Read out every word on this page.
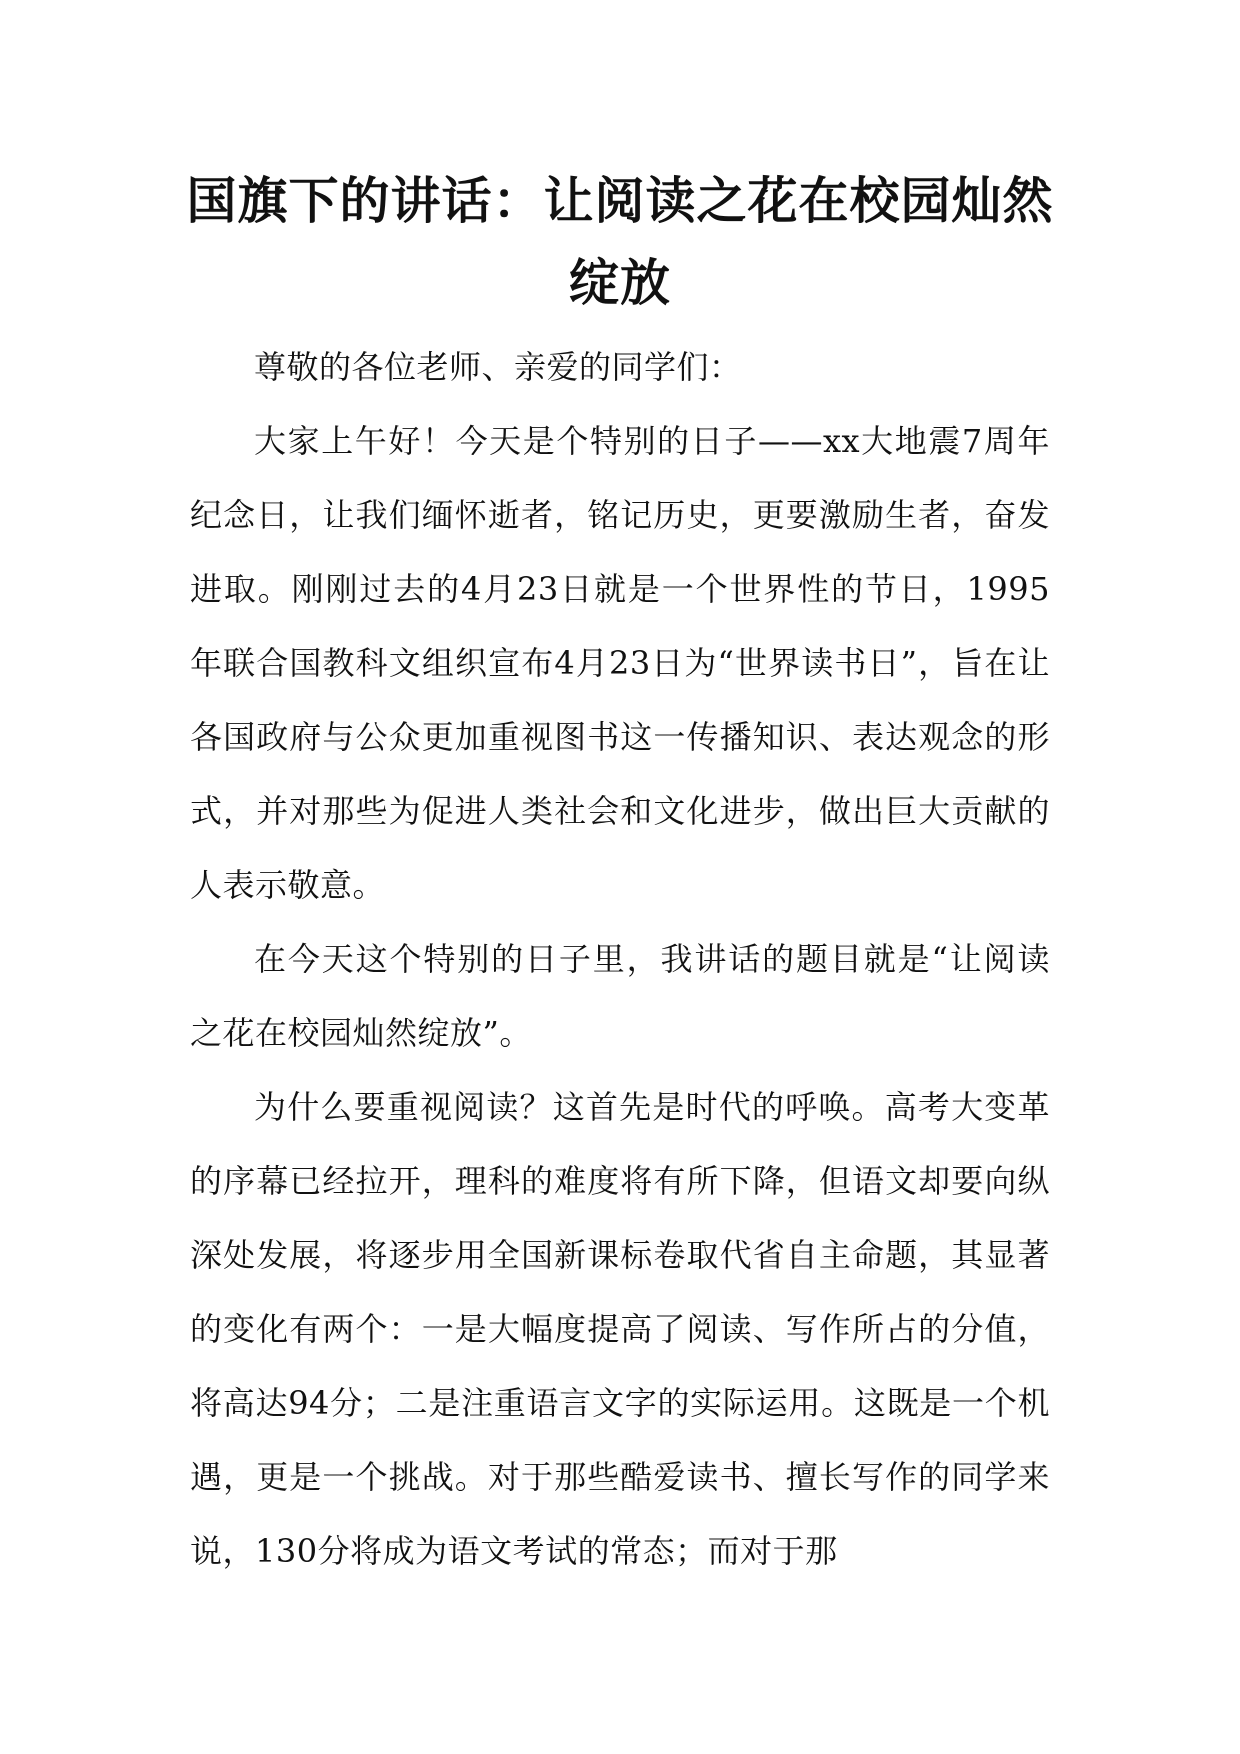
国旗下的讲话：让阅读之花在校园灿然绽放

尊敬的各位老师、亲爱的同学们：

大家上午好！今天是个特别的日子——xx大地震7周年纪念日，让我们缅怀逝者，铭记历史，更要激励生者，奋发进取。刚刚过去的4月23日就是一个世界性的节日，1995年联合国教科文组织宣布4月23日为“世界读书日”，旨在让各国政府与公众更加重视图书这一传播知识、表达观念的形式，并对那些为促进人类社会和文化进步，做出巨大贡献的人表示敬意。

在今天这个特别的日子里，我讲话的题目就是“让阅读之花在校园灿然绽放”。

为什么要重视阅读？这首先是时代的呼唤。高考大变革的序幕已经拉开，理科的难度将有所下降，但语文却要向纵深处发展，将逐步用全国新课标卷取代省自主命题，其显著的变化有两个：一是大幅度提高了阅读、写作所占的分值，将高达94分；二是注重语言文字的实际运用。这既是一个机遇，更是一个挑战。对于那些酷爱读书、擅长写作的同学来说，130分将成为语文考试的常态；而对于那
